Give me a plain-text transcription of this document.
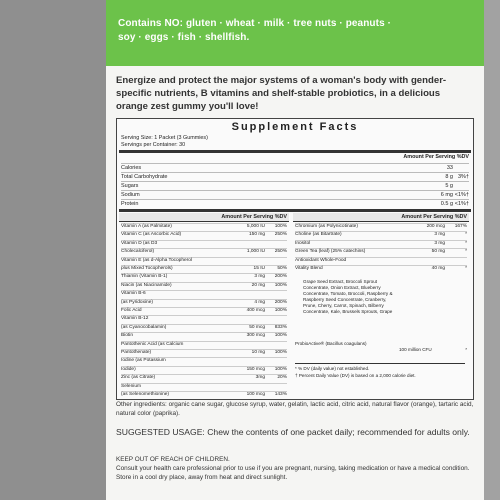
Contains NO: gluten · wheat · milk · tree nuts · peanuts ·
soy · eggs · fish · shellfish.
Energize and protect the major systems of a woman's body with gender-specific nutrients, B vitamins and shelf-stable probiotics, in a delicious orange zest gummy you'll love!
Supplement Facts
Serving Size: 1 Packet (3 Gummies)
Servings per Container: 30
Amount Per Serving %DV
Calories	33
Total Carbohydrate	8 g 3%†
Sugars	5 g
Sodium	6 mg <1%†
Protein	0.5 g <1%†
Amount Per Serving %DV
Vitamin A (as Palmitate)	5,000 IU 100%
Vitamin C (as Ascorbic Acid)	150 mg 250%
Vitamin D (as D3
Cholecalciferol)	1,000 IU 250%
Vitamin E (as d-Alpha Tocopherol
plus Mixed Tocopherols)	15 IU	50%
Thiamin (Vitamin B-1)	3 mg 200%
Niacin (as Niacinamide)	20 mg 100%
Vitamin B-6
(as Pyridoxine)	4 mg 200%
Folic Acid	400 mcg 100%
Vitamin B-12
(as Cyanocobalamin)	50 mcg 833%
Biotin	300 mcg 100%
Pantothenic Acid (as Calcium
Pantothenate)	10 mg 100%
Iodine (as Potassium
Iodide)	150 mcg 100%
Zinc (as Citrate)	3mg	20%
Selenium
(as Selenomethionine)	100 mcg 143%
Amount Per Serving %DV
Chromium (as Polynicotinate)	200 mcg 167%
Choline (as Bitartrate)	3 mg	*
Inositol	3 mg	*
Green Tea (leaf) (25% catechins)	50 mg	*
Antioxidant Whole-Food
Vitality Blend	40 mg	*
Grape Seed Extract, Broccoli Sprout Concentrate, Onion Extract, Blueberry Concentrate, Tomato, Broccoli, Raspberry & Raspberry Seed Concentrate, Cranberry, Prune, Cherry, Carrot, Spinach, Bilberry Concentrate, Kale, Brussels Sprouts, Grape
ProbioActive® (Bacillus coagulans)
100 million CFU	*
* % DV (daily value) not established.
† Percent Daily Value (DV) is based on a 2,000 calorie diet.
Other ingredients: organic cane sugar, glucose syrup, water, gelatin, lactic acid, citric acid, natural flavor (orange), tartaric acid, natural color (paprika).
SUGGESTED USAGE: Chew the contents of one packet daily; recommended for adults only.
KEEP OUT OF REACH OF CHILDREN.
Consult your health care professional prior to use if you are pregnant, nursing, taking medication or have a medical condition.
Store in a cool dry place, away from heat and direct sunlight.
